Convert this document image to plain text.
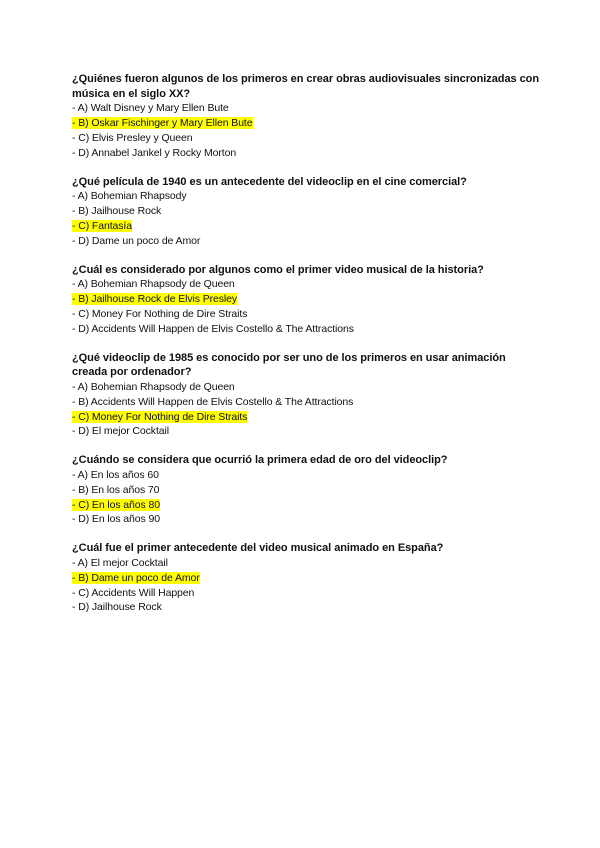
¿Quiénes fueron algunos de los primeros en crear obras audiovisuales sincronizadas con música en el siglo XX?

- A) Walt Disney y Mary Ellen Bute
- B) Oskar Fischinger y Mary Ellen Bute
- C) Elvis Presley y Queen
- D) Annabel Jankel y Rocky Morton

¿Qué película de 1940 es un antecedente del videoclip en el cine comercial?

- A) Bohemian Rhapsody
- B) Jailhouse Rock
- C) Fantasía
- D) Dame un poco de Amor

¿Cuál es considerado por algunos como el primer video musical de la historia?

- A) Bohemian Rhapsody de Queen
- B) Jailhouse Rock de Elvis Presley
- C) Money For Nothing de Dire Straits
- D) Accidents Will Happen de Elvis Costello & The Attractions

¿Qué videoclip de 1985 es conocido por ser uno de los primeros en usar animación creada por ordenador?

- A) Bohemian Rhapsody de Queen
- B) Accidents Will Happen de Elvis Costello & The Attractions
- C) Money For Nothing de Dire Straits
- D) El mejor Cocktail

¿Cuándo se considera que ocurrió la primera edad de oro del videoclip?

- A) En los años 60
- B) En los años 70
- C) En los años 80
- D) En los años 90

¿Cuál fue el primer antecedente del video musical animado en España?

- A) El mejor Cocktail
- B) Dame un poco de Amor
- C) Accidents Will Happen
- D) Jailhouse Rock
